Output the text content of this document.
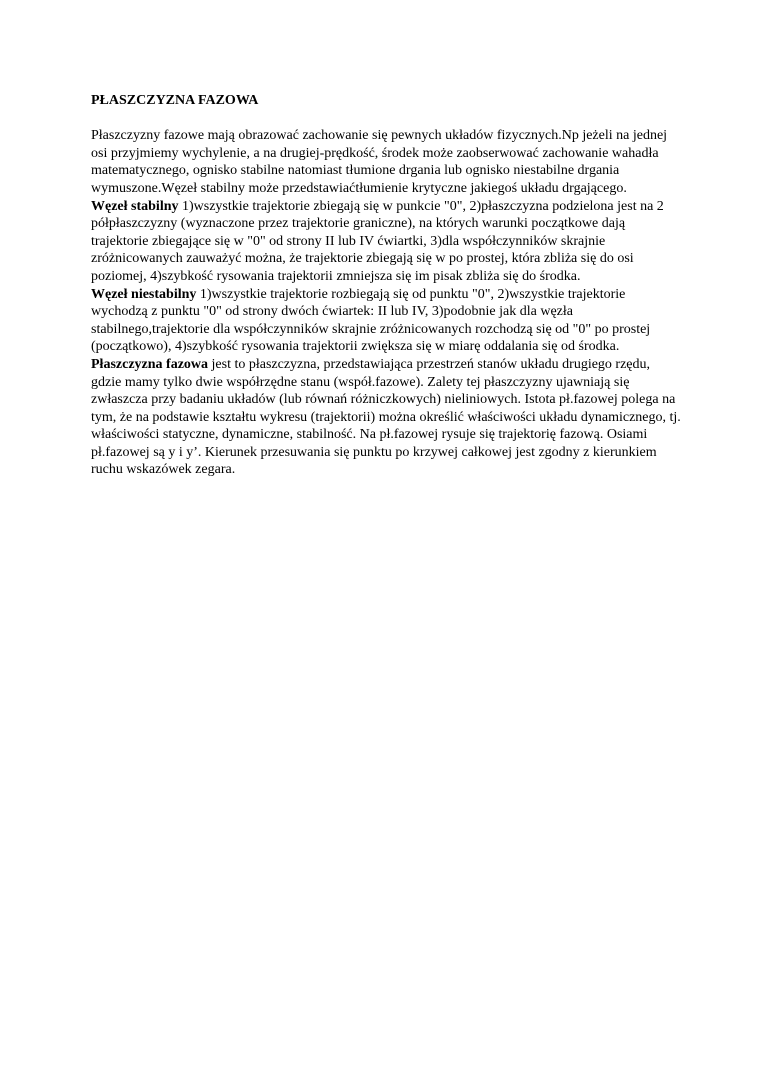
PŁASZCZYZNA FAZOWA

Płaszczyzny fazowe mają obrazować zachowanie się pewnych układów fizycznych.Np jeżeli na jednej osi przyjmiemy wychylenie, a na drugiej-prędkość, środek może zaobserwować zachowanie wahadła matematycznego, ognisko stabilne natomiast tłumione drgania lub ognisko niestabilne drgania wymuszone.Węzeł stabilny może przedstawiaćtłumienie krytyczne jakiegoś układu drgającego.

Węzeł stabilny 1)wszystkie trajektorie zbiegają się w punkcie "0", 2)płaszczyzna podzielona jest na 2 półpłaszczyzny (wyznaczone przez trajektorie graniczne), na których warunki początkowe dają trajektorie zbiegające się w "0" od strony II lub IV ćwiartki, 3)dla współczynników skrajnie zróżnicowanych zauważyć można, że trajektorie zbiegają się w po prostej, która zbliża się do osi poziomej, 4)szybkość rysowania trajektorii zmniejsza się im pisak zbliża się do środka.

Węzeł niestabilny 1)wszystkie trajektorie rozbiegają się od punktu "0", 2)wszystkie trajektorie wychodzą z punktu "0" od strony dwóch ćwiartek: II lub IV, 3)podobnie jak dla węzła stabilnego,trajektorie dla współczynników skrajnie zróżnicowanych rozchodzą się od "0" po prostej (początkowo), 4)szybkość rysowania trajektorii zwiększa się w miarę oddalania się od środka.

Płaszczyzna fazowa jest to płaszczyzna, przedstawiająca przestrzeń stanów układu drugiego rzędu, gdzie mamy tylko dwie współrzędne stanu (współ.fazowe). Zalety tej płaszczyzny ujawniają się zwłaszcza przy badaniu układów (lub równań różniczkowych) nieliniowych. Istota pł.fazowej polega na tym, że na podstawie kształtu wykresu (trajektorii) można określić właściwości układu dynamicznego, tj. właściwości statyczne, dynamiczne, stabilność. Na pł.fazowej rysuje się trajektorię fazową. Osiami pł.fazowej są y i y’. Kierunek przesuwania się punktu po krzywej całkowej jest zgodny z kierunkiem ruchu wskazówek zegara.
